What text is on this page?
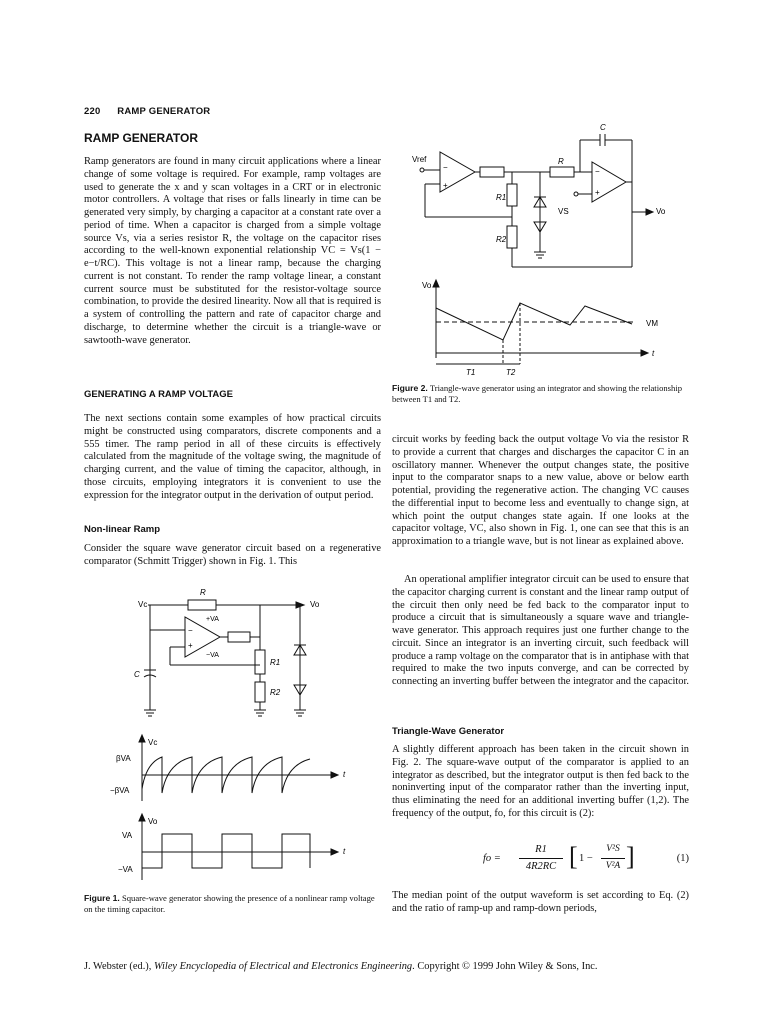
220 RAMP GENERATOR
RAMP GENERATOR
Ramp generators are found in many circuit applications where a linear change of some voltage is required. For example, ramp voltages are used to generate the x and y scan voltages in a CRT or in electronic motor controllers. A voltage that rises or falls linearly in time can be generated very simply, by charging a capacitor at a constant rate over a period of time. When a capacitor is charged from a simple voltage source Vs, via a series resistor R, the voltage on the capacitor rises according to the well-known exponential relationship VC = Vs(1 − e−t/RC). This voltage is not a linear ramp, because the charging current is not constant. To render the ramp voltage linear, a constant current source must be substituted for the resistor-voltage source combination, to provide the desired linearity. Now all that is required is a system of controlling the pattern and rate of capacitor charge and discharge, to determine whether the circuit is a triangle-wave or sawtooth-wave generator.
GENERATING A RAMP VOLTAGE
The next sections contain some examples of how practical circuits might be constructed using comparators, discrete components and a 555 timer. The ramp period in all of these circuits is effectively calculated from the magnitude of the voltage swing, the magnitude of charging current, and the value of timing the capacitor, although, in those circuits, employing integrators it is convenient to use the expression for the integrator output in the derivation of output period.
Non-linear Ramp
Consider the square wave generator circuit based on a regenerative comparator (Schmitt Trigger) shown in Fig. 1. This
Vc
R
Vo
+VA
−VA
−
+
R1
R2
C
Vc
βVA
−βVA
t
Vo
VA
−VA
t
Figure 1. Square-wave generator showing the presence of a nonlinear ramp voltage on the timing capacitor.
Vref
C
R
R1
R2
VS	Vo
−
+
−
+
Vo
VM
t
T1	T2
Figure 2. Triangle-wave generator using an integrator and showing the relationship between T1 and T2.
circuit works by feeding back the output voltage Vo via the resistor R to provide a current that charges and discharges the capacitor C in an oscillatory manner. Whenever the output changes state, the positive input to the comparator snaps to a new value, above or below earth potential, providing the regenerative action. The changing VC causes the differential input to become less and eventually to change sign, at which point the output changes state again. If one looks at the capacitor voltage, VC, also shown in Fig. 1, one can see that this is an approximation to a triangle wave, but is not linear as explained above.
An operational amplifier integrator circuit can be used to ensure that the capacitor charging current is constant and the linear ramp output of the circuit then only need be fed back to the comparator input to produce a circuit that is simultaneously a square wave and triangle-wave generator. This approach requires just one further change to the circuit. Since an integrator is an inverting circuit, such feedback will produce a ramp voltage on the comparator that is in antiphase with that required to make the two inputs converge, and can be corrected by connecting an inverting buffer between the integrator and the capacitor.
Triangle-Wave Generator
A slightly different approach has been taken in the circuit shown in Fig. 2. The square-wave output of the comparator is applied to an integrator as described, but the integrator output is then fed back to the noninverting input of the comparator rather than the inverting input, thus eliminating the need for an additional inverting buffer (1,2). The frequency of the output, fo, for this circuit is (2):
fo =
R1
4R2RC [ 1 −
V²S
V²A ]	(1)
The median point of the output waveform is set according to Eq. (2) and the ratio of ramp-up and ramp-down periods,
J. Webster (ed.), Wiley Encyclopedia of Electrical and Electronics Engineering. Copyright © 1999 John Wiley & Sons, Inc.
